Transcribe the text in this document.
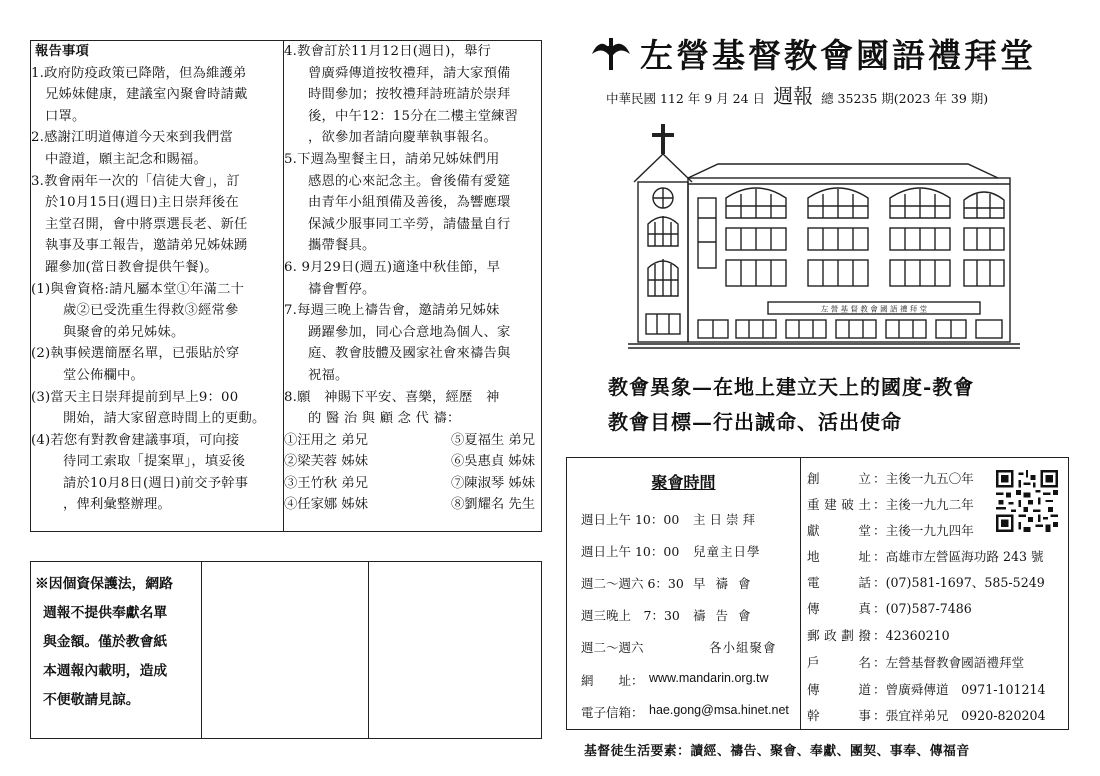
報告事項
1.政府防疫政策已降階，但為維護弟
兄姊妹健康，建議室內聚會時請戴
口罩。
2.感謝江明道傳道今天來到我們當
中證道，願主記念和賜福。
3.教會兩年一次的「信徒大會」，訂
於10月15日(週日)主日崇拜後在
主堂召開，會中將票選長老、新任
執事及事工報告，邀請弟兄姊妹踴
躍參加(當日教會提供午餐)。
(1)與會資格:請凡屬本堂①年滿二十
歲②已受洗重生得救③經常參
與聚會的弟兄姊妹。
(2)執事候選簡歷名單，已張貼於穿
堂公佈欄中。
(3)當天主日崇拜提前到早上9：00
開始，請大家留意時間上的更動。
(4)若您有對教會建議事項，可向接
待同工索取「提案單」，填妥後
請於10月8日(週日)前交予幹事
，俾利彙整辦理。
4.教會訂於11月12日(週日)，舉行
曾廣舜傳道按牧禮拜，請大家預備
時間參加；按牧禮拜詩班請於崇拜
後，中午12：15分在二樓主堂練習
，欲參加者請向慶華執事報名。
5.下週為聖餐主日，請弟兄姊妹們用
感恩的心來記念主。會後備有愛筵
由青年小組預備及善後，為響應環
保減少服事同工辛勞，請儘量自行
攜帶餐具。
6. 9月29日(週五)適逢中秋佳節，早
禱會暫停。
7.每週三晚上禱告會，邀請弟兄姊妹
踴躍參加，同心合意地為個人、家
庭、教會肢體及國家社會來禱告與
祝福。
8.願　神賜下平安、喜樂，經歷　神
的 醫 治 與 顧 念 代 禱：
①汪用之 弟兄	⑤夏福生 弟兄
②梁芙蓉 姊妹	⑥吳惠貞 姊妹
③王竹秋 弟兄	⑦陳淑琴 姊妹
④任家娜 姊妹	⑧劉耀名 先生
※因個資保護法，網路
週報不提供奉獻名單
與金額。僅於教會紙
本週報內載明，造成
不便敬請見諒。
左營基督教會國語禮拜堂
中華民國 112 年 9 月 24 日 週報 總 35235 期(2023 年 39 期)
左 營 基 督 教 會 國 語 禮 拜 堂
教會異象—在地上建立天上的國度-教會
教會目標—行出誠命、活出使命
聚會時間
週日上午 10：00	主日崇拜
週日上午 10：00	兒童主日學
週二～週六 6：30 早禱會
週三晚上　7：30	禱告會
週二～週六	各小組聚會
網　　址： www.mandarin.org.tw
電子信箱： hae.gong@msa.hinet.net
創立 ：主後一九五〇年
重建破土 ：主後一九九二年
獻堂 ：主後一九九四年
地址 ：高雄市左營區海功路 243 號
電話 ：(07)581-1697、585-5249
傳真 ：(07)587-7486
郵政劃撥 ：42360210
戶名 ：左營基督教會國語禮拜堂
傳道 ：曾廣舜傳道　0971-101214
幹事 ：張宜祥弟兄　0920-820204
基督徒生活要素：讀經、禱告、聚會、奉獻、團契、事奉、傳福音
